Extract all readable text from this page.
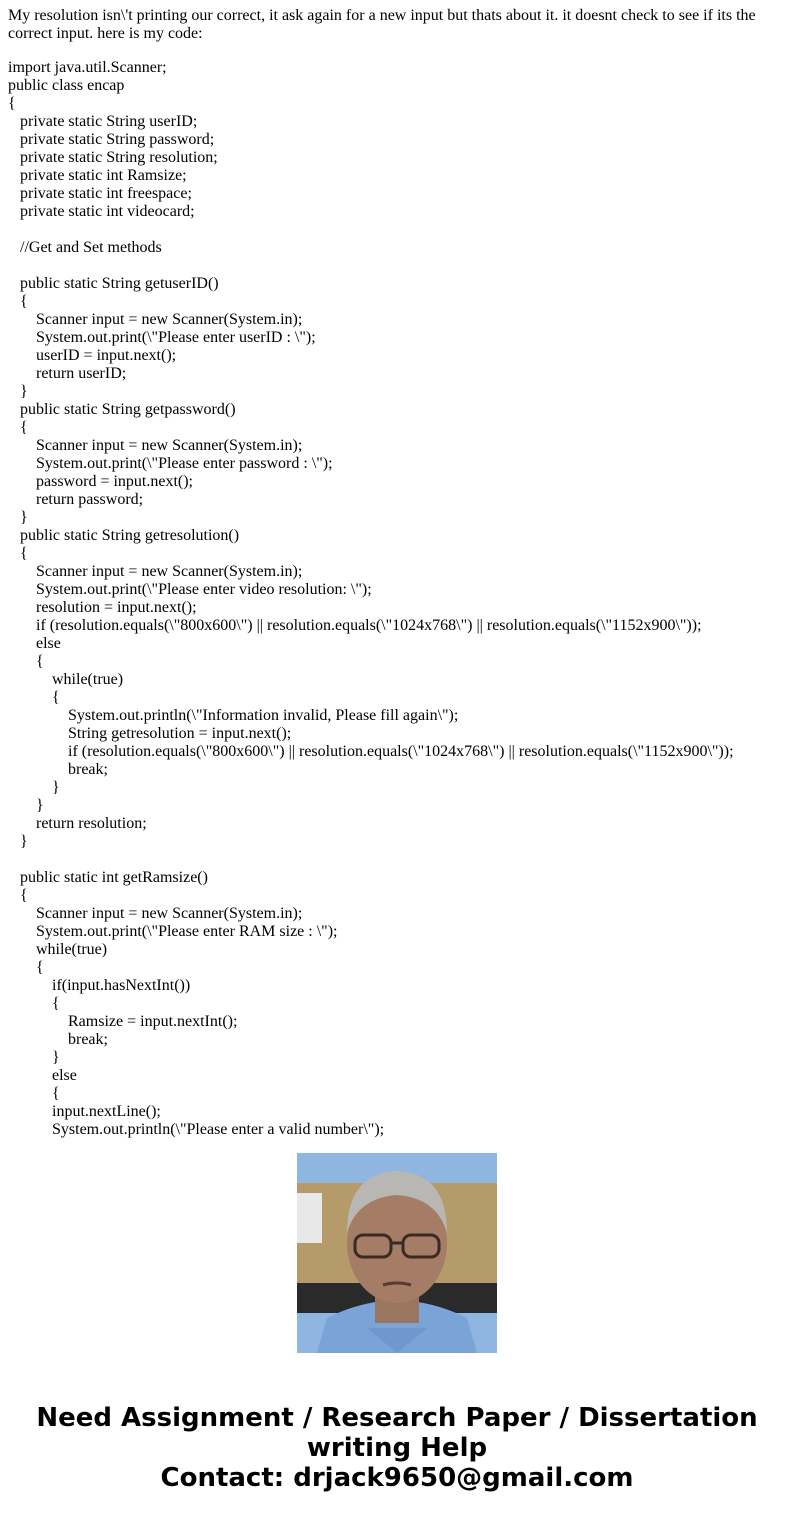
My resolution isn\'t printing our correct, it ask again for a new input but thats about it. it doesnt check to see if its the correct input. here is my code:
import java.util.Scanner;
public class encap
{
private static String userID;
private static String password;
private static String resolution;
private static int Ramsize;
private static int freespace;
private static int videocard;
//Get and Set methods
public static String getuserID()
{
Scanner input = new Scanner(System.in);
System.out.print(\"Please enter userID : \");
userID = input.next();
return userID;
}
public static String getpassword()
{
Scanner input = new Scanner(System.in);
System.out.print(\"Please enter password : \");
password = input.next();
return password;
}
public static String getresolution()
{
Scanner input = new Scanner(System.in);
System.out.print(\"Please enter video resolution: \");
resolution = input.next();
if (resolution.equals(\"800x600\") || resolution.equals(\"1024x768\") || resolution.equals(\"1152x900\"));
else
{
while(true)
{
System.out.println(\"Information invalid, Please fill again\");
String getresolution = input.next();
if (resolution.equals(\"800x600\") || resolution.equals(\"1024x768\") || resolution.equals(\"1152x900\"));
break;
}
}
return resolution;
}
public static int getRamsize()
{
Scanner input = new Scanner(System.in);
System.out.print(\"Please enter RAM size : \");
while(true)
{
if(input.hasNextInt())
{
Ramsize = input.nextInt();
break;
}
else
{
input.nextLine();
System.out.println(\"Please enter a valid number\");
Need Assignment / Research Paper / Dissertation
writing Help
Contact: drjack9650@gmail.com
